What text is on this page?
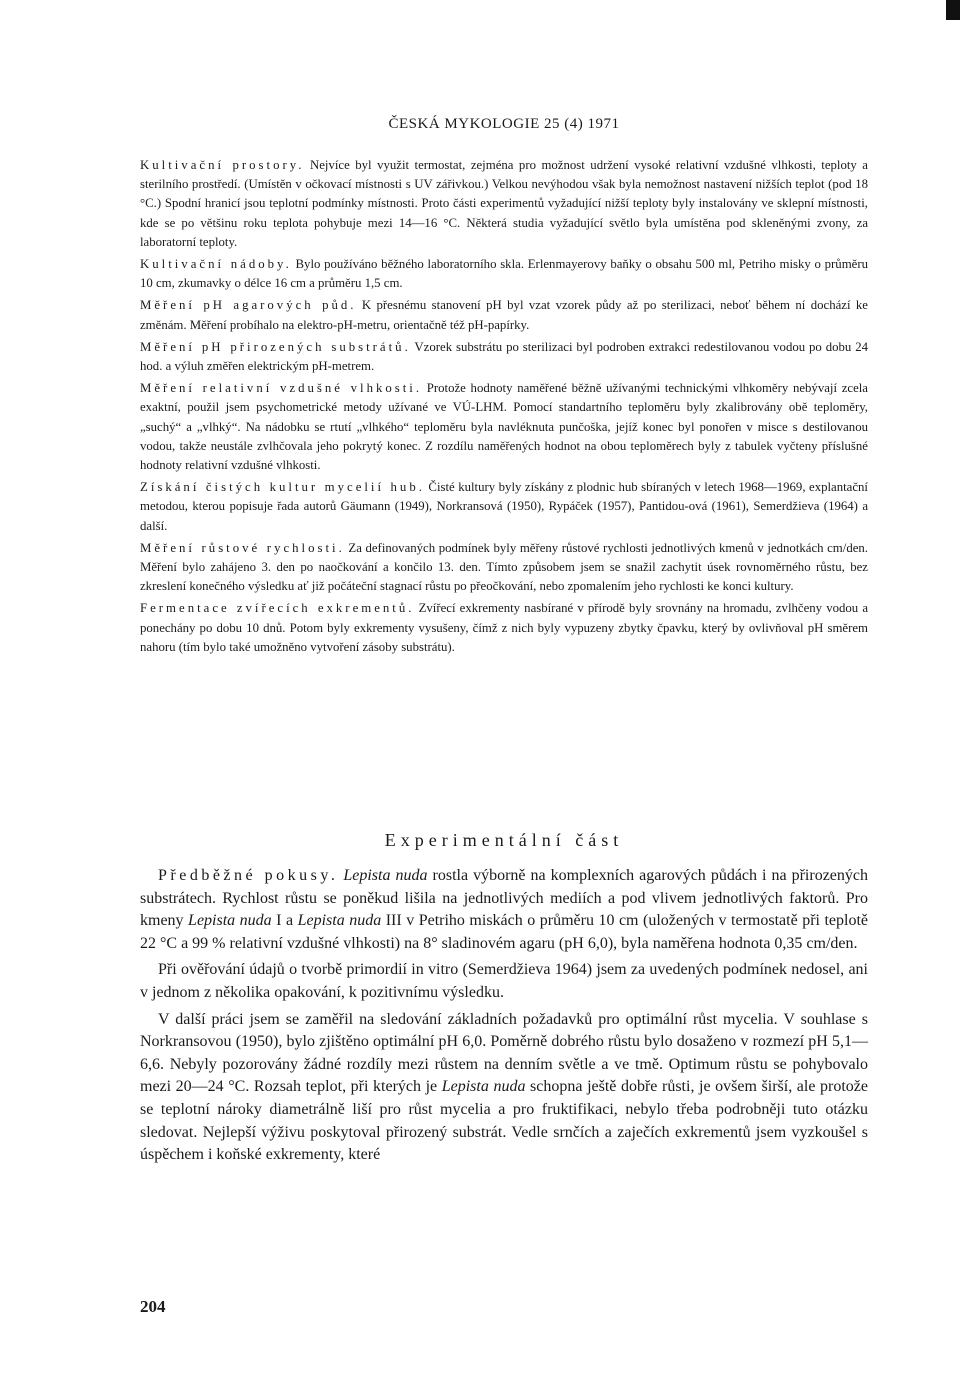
ČESKÁ MYKOLOGIE 25 (4) 1971

Kultivační prostory. Nejvíce byl využit termostat, zejména pro možnost udržení vysoké relativní vzdušné vlhkosti, teploty a sterilního prostředí. (Umístěn v očkovací místnosti s UV zářivkou.) Velkou nevýhodou však byla nemožnost nastavení nižších teplot (pod 18 °C.) Spodní hranicí jsou teplotní podmínky místnosti. Proto části experimentů vyžadující nižší teploty byly instalovány ve sklepní místnosti, kde se po většinu roku teplota pohybuje mezi 14—16 °C. Některá studia vyžadující světlo byla umístěna pod skleněnými zvony, za laboratorní teploty.

Kultivační nádoby. Bylo používáno běžného laboratorního skla. Erlenmayerovy baňky o obsahu 500 ml, Petriho misky o průměru 10 cm, zkumavky o délce 16 cm a průměru 1,5 cm.

Měření pH agarových půd. K přesnému stanovení pH byl vzat vzorek půdy až po sterilizaci, neboť během ní dochází ke změnám. Měření probíhalo na elektro-pH-metru, orientačně též pH-papírky.

Měření pH přirozených substrátů. Vzorek substrátu po sterilizaci byl podroben extrakci redestilovanou vodou po dobu 24 hod. a výluh změřen elektrickým pH-metrem.

Měření relativní vzdušné vlhkosti. Protože hodnoty naměřené běžně užívanými technickými vlhkoměry nebývají zcela exaktní, použil jsem psychometrické metody užívané ve VÚ-LHM. Pomocí standartního teploměru byly zkalibrovány obě teploměry, „suchý“ a „vlhký“. Na nádobku se rtutí „vlhkého“ teploměru byla navléknuta punčoška, jejíž konec byl ponořen v misce s destilovanou vodou, takže neustále zvlhčovala jeho pokrytý konec. Z rozdílu naměřených hodnot na obou teploměrech byly z tabulek vyčteny příslušné hodnoty relativní vzdušné vlhkosti.

Získání čistých kultur mycelií hub. Čisté kultury byly získány z plodnic hub sbíraných v letech 1968—1969, explantační metodou, kterou popisuje řada autorů Gäumann (1949), Norkransová (1950), Rypáček (1957), Pantidou-ová (1961), Semerdžieva (1964) a další.

Měření růstové rychlosti. Za definovaných podmínek byly měřeny růstové rychlosti jednotlivých kmenů v jednotkách cm/den. Měření bylo zahájeno 3. den po naočkování a končilo 13. den. Tímto způsobem jsem se snažil zachytit úsek rovnoměrného růstu, bez zkreslení konečného výsledku ať již počáteční stagnací růstu po přeočkování, nebo zpomalením jeho rychlosti ke konci kultury.

Fermentace zvířecích exkrementů. Zvířecí exkrementy nasbírané v přírodě byly srovnány na hromadu, zvlhčeny vodou a ponechány po dobu 10 dnů. Potom byly exkrementy vysušeny, čímž z nich byly vypuzeny zbytky čpavku, který by ovlivňoval pH směrem nahoru (tím bylo také umožněno vytvoření zásoby substrátu).

Experimentální část

Předběžné pokusy. Lepista nuda rostla výborně na komplexních agarových půdách i na přirozených substrátech. Rychlost růstu se poněkud lišila na jednotlivých mediích a pod vlivem jednotlivých faktorů. Pro kmeny Lepista nuda I a Lepista nuda III v Petriho miskách o průměru 10 cm (uložených v termostatě při teplotě 22 °C a 99 % relativní vzdušné vlhkosti) na 8° sladinovém agaru (pH 6,0), byla naměřena hodnota 0,35 cm/den.

Při ověřování údajů o tvorbě primordií in vitro (Semerdžieva 1964) jsem za uvedených podmínek nedosel, ani v jednom z několika opakování, k pozitivnímu výsledku.

V další práci jsem se zaměřil na sledování základních požadavků pro optimální růst mycelia. V souhlase s Norkransovou (1950), bylo zjištěno optimální pH 6,0. Poměrně dobrého růstu bylo dosaženo v rozmezí pH 5,1—6,6. Nebyly pozorovány žádné rozdíly mezi růstem na denním světle a ve tmě. Optimum růstu se pohybovalo mezi 20—24 °C. Rozsah teplot, při kterých je Lepista nuda schopna ještě dobře růsti, je ovšem širší, ale protože se teplotní nároky diametrálně liší pro růst mycelia a pro fruktifikaci, nebylo třeba podrobněji tuto otázku sledovat. Nejlepší výživu poskytoval přirozený substrát. Vedle srnčích a zaječích exkrementů jsem vyzkoušel s úspěchem i koňské exkrementy, které

204
